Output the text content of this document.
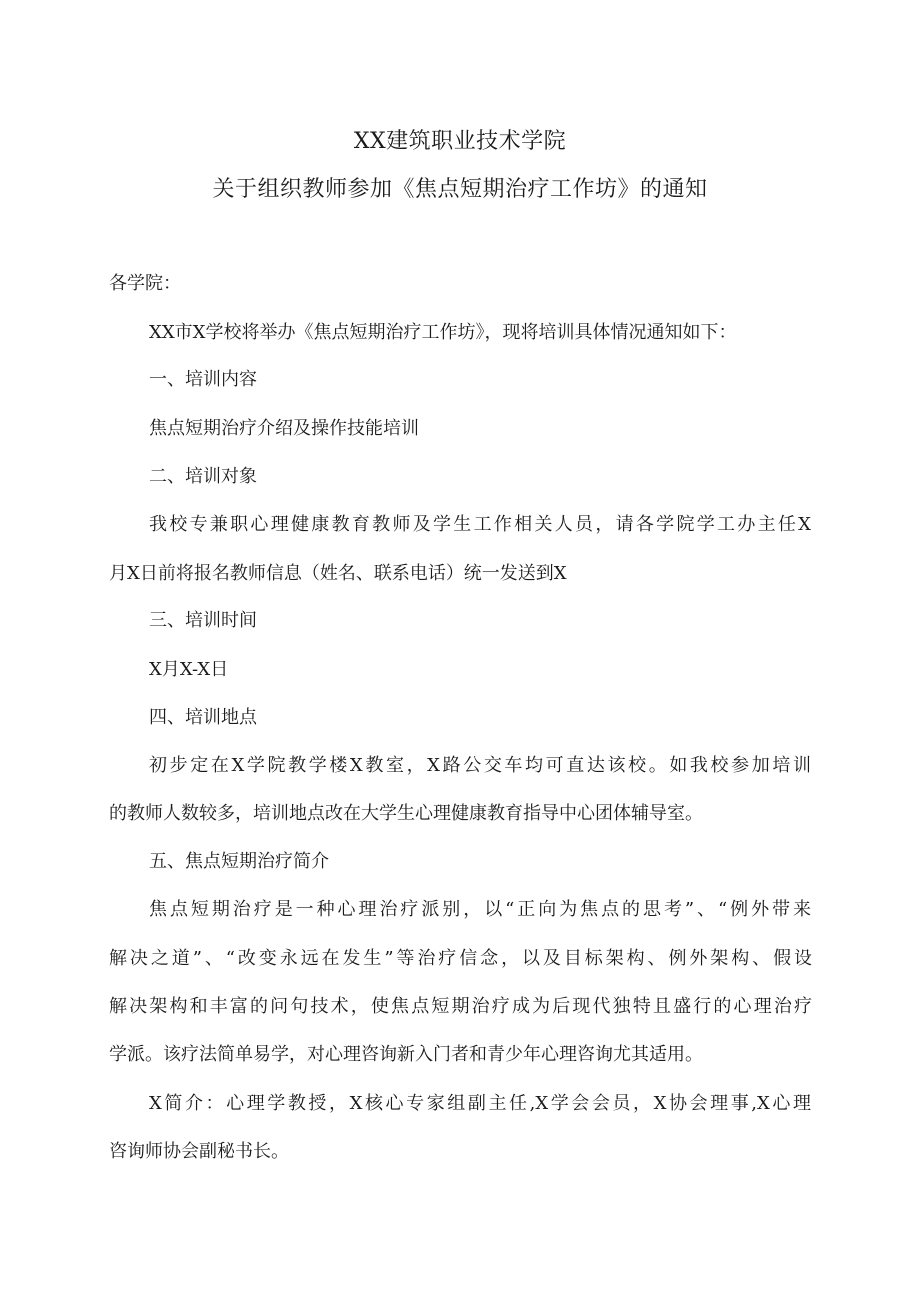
XX建筑职业技术学院
关于组织教师参加《焦点短期治疗工作坊》的通知
各学院：
XX市X学校将举办《焦点短期治疗工作坊》，现将培训具体情况通知如下：
一、培训内容
焦点短期治疗介绍及操作技能培训
二、培训对象
我校专兼职心理健康教育教师及学生工作相关人员，请各学院学工办主任X
月X日前将报名教师信息（姓名、联系电话）统一发送到X
三、培训时间
X月X-X日
四、培训地点
初步定在X学院教学楼X教室，X路公交车均可直达该校。如我校参加培训
的教师人数较多，培训地点改在大学生心理健康教育指导中心团体辅导室。
五、焦点短期治疗简介
焦点短期治疗是一种心理治疗派别，以“正向为焦点的思考”、“例外带来
解决之道”、“改变永远在发生”等治疗信念，以及目标架构、例外架构、假设
解决架构和丰富的问句技术，使焦点短期治疗成为后现代独特且盛行的心理治疗
学派。该疗法简单易学，对心理咨询新入门者和青少年心理咨询尤其适用。
X简介：心理学教授，X核心专家组副主任,X学会会员，X协会理事,X心理
咨询师协会副秘书长。
